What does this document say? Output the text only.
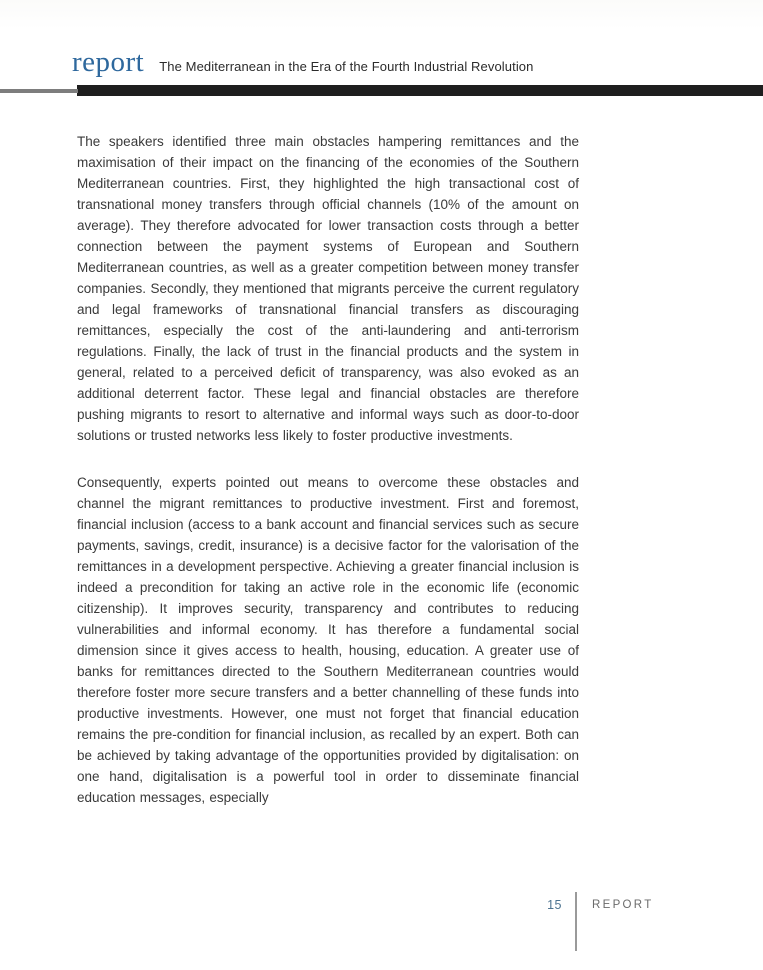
report The Mediterranean in the Era of the Fourth Industrial Revolution

The speakers identified three main obstacles hampering remittances and the maximisation of their impact on the financing of the economies of the Southern Mediterranean countries. First, they highlighted the high transactional cost of transnational money transfers through official channels (10% of the amount on average). They therefore advocated for lower transaction costs through a better connection between the payment systems of European and Southern Mediterranean countries, as well as a greater competition between money transfer companies. Secondly, they mentioned that migrants perceive the current regulatory and legal frameworks of transnational financial transfers as discouraging remittances, especially the cost of the anti-laundering and anti-terrorism regulations. Finally, the lack of trust in the financial products and the system in general, related to a perceived deficit of transparency, was also evoked as an additional deterrent factor. These legal and financial obstacles are therefore pushing migrants to resort to alternative and informal ways such as door-to-door solutions or trusted networks less likely to foster productive investments.

Consequently, experts pointed out means to overcome these obstacles and channel the migrant remittances to productive investment. First and foremost, financial inclusion (access to a bank account and financial services such as secure payments, savings, credit, insurance) is a decisive factor for the valorisation of the remittances in a development perspective. Achieving a greater financial inclusion is indeed a precondition for taking an active role in the economic life (economic citizenship). It improves security, transparency and contributes to reducing vulnerabilities and informal economy. It has therefore a fundamental social dimension since it gives access to health, housing, education. A greater use of banks for remittances directed to the Southern Mediterranean countries would therefore foster more secure transfers and a better channelling of these funds into productive investments. However, one must not forget that financial education remains the pre-condition for financial inclusion, as recalled by an expert. Both can be achieved by taking advantage of the opportunities provided by digitalisation: on one hand, digitalisation is a powerful tool in order to disseminate financial education messages, especially

15	REPORT
